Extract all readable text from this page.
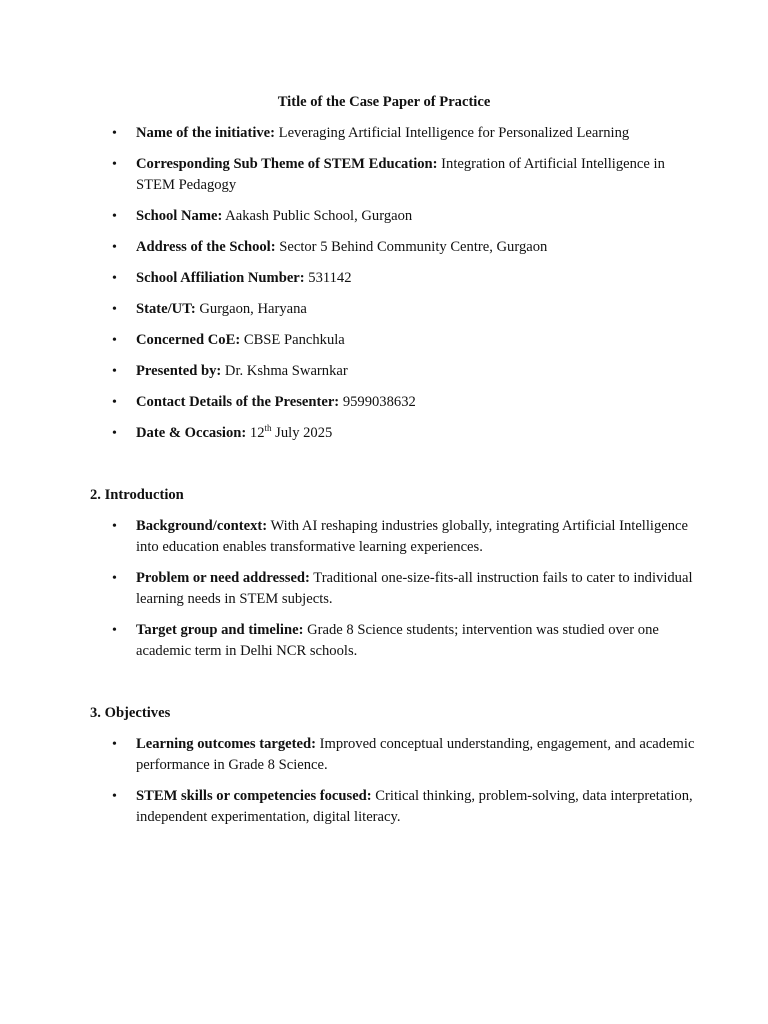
Title of the Case Paper of Practice
• Name of the initiative: Leveraging Artificial Intelligence for Personalized Learning
• Corresponding Sub Theme of STEM Education: Integration of Artificial Intelligence in STEM Pedagogy
• School Name: Aakash Public School, Gurgaon
• Address of the School: Sector 5 Behind Community Centre, Gurgaon
• School Affiliation Number: 531142
• State/UT: Gurgaon, Haryana
• Concerned CoE: CBSE Panchkula
• Presented by: Dr. Kshma Swarnkar
• Contact Details of the Presenter: 9599038632
• Date & Occasion: 12th July 2025
2. Introduction
• Background/context: With AI reshaping industries globally, integrating Artificial Intelligence into education enables transformative learning experiences.
• Problem or need addressed: Traditional one-size-fits-all instruction fails to cater to individual learning needs in STEM subjects.
• Target group and timeline: Grade 8 Science students; intervention was studied over one academic term in Delhi NCR schools.
3. Objectives
• Learning outcomes targeted: Improved conceptual understanding, engagement, and academic performance in Grade 8 Science.
• STEM skills or competencies focused: Critical thinking, problem-solving, data interpretation, independent experimentation, digital literacy.
